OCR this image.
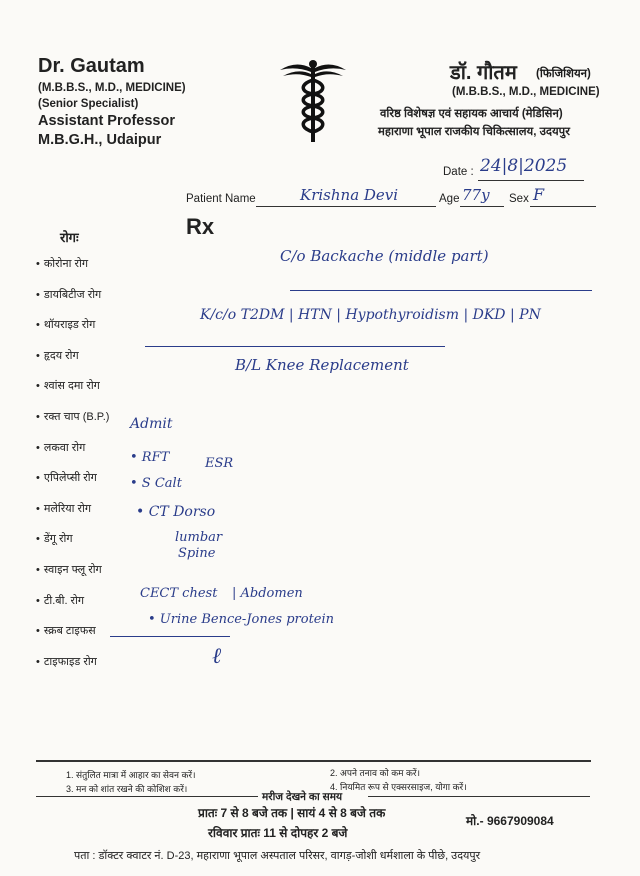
Dr. Gautam
(M.B.B.S., M.D., MEDICINE)
(Senior Specialist)
Assistant Professor
M.B.G.H., Udaipur
डॉ. गौतम (फिजिशियन)
(M.B.B.S., M.D., MEDICINE)
वरिष्ठ विशेषज्ञ एवं सहायक आचार्य (मेडिसिन)
महाराणा भूपाल राजकीय चिकित्सालय, उदयपुर
Date : 24|8|2025
Patient Name	Krishna Devi	Age 77y Sex F
Rx
रोगः
• कोरोना रोग
• डायबिटीज रोग
• थॉयराइड रोग
• हृदय रोग
• श्वांस दमा रोग
• रक्त चाप (B.P.)
• लकवा रोग
• एपिलेप्सी रोग
• मलेरिया रोग
• डेंगू रोग
• स्वाइन फ्लू रोग
• टी.बी. रोग
• स्क्रब टाइफस
• टाइफाइड रोग
C/o Backache (middle part)
K/c/o T2DM | HTN | Hypothyroidism | DKD | PN
B/L Knee Replacement
Admit
• RFT	ESR
• S Calt
• CT Dorso
lumbar
Spine
CECT chest | Abdomen
• Urine Bence-Jones protein
ℓ
1. संतुलित मात्रा में आहार का सेवन करें।	2. अपने तनाव को कम करें।
3. मन को शांत रखने की कोशिश करें।	4. नियमित रूप से एक्सरसाइज, योगा करें।
मरीज देखने का समय
प्रातः 7 से 8 बजे तक | सायं 4 से 8 बजे तक
रविवार प्रातः 11 से दोपहर 2 बजे
मो.- 9667909084
पता : डॉक्टर क्वाटर नं. D-23, महाराणा भूपाल अस्पताल परिसर, वागड़-जोशी धर्मशाला के पीछे, उदयपुर
